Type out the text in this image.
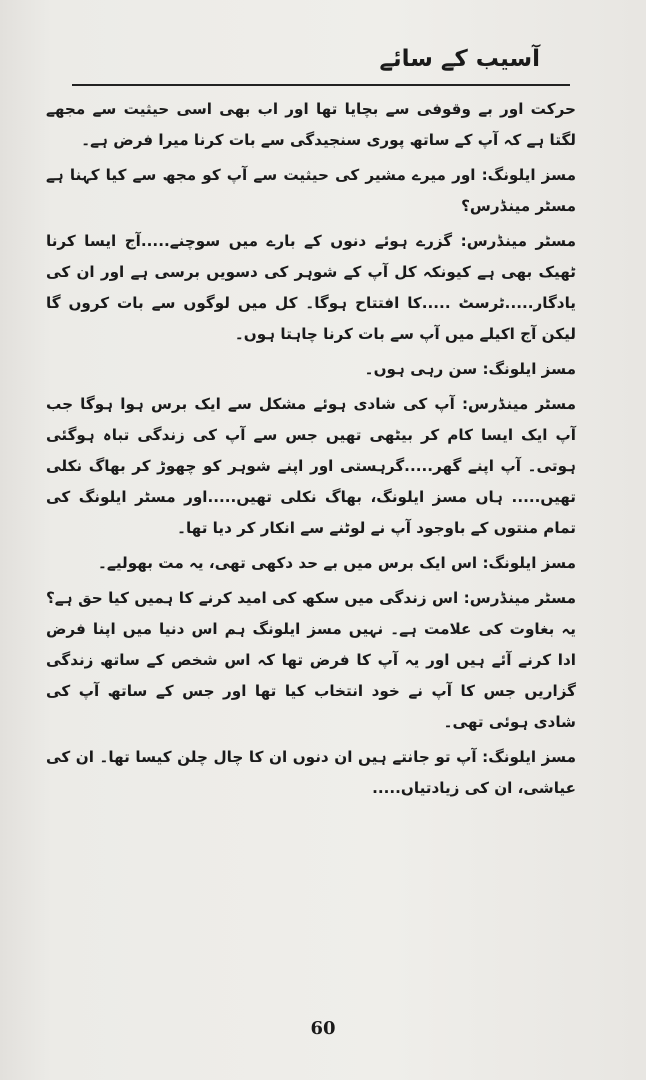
آسیب کے سائے

حرکت اور بے وقوفی سے بچایا تھا اور اب بھی اسی حیثیت سے مجھے لگتا ہے کہ آپ کے ساتھ پوری سنجیدگی سے بات کرنا میرا فرض ہے۔

مسز ایلونگ: اور میرے مشیر کی حیثیت سے آپ کو مجھ سے کیا کہنا ہے مسٹر مینڈرس؟

مسٹر مینڈرس: گزرے ہوئے دنوں کے بارے میں سوچنے.....آج ایسا کرنا ٹھیک بھی ہے کیونکہ کل آپ کے شوہر کی دسویں برسی ہے اور ان کی یادگار.....ٹرسٹ .....کا افتتاح ہوگا۔ کل میں لوگوں سے بات کروں گا لیکن آج اکیلے میں آپ سے بات کرنا چاہتا ہوں۔

مسز ایلونگ: سن رہی ہوں۔

مسٹر مینڈرس: آپ کی شادی ہوئے مشکل سے ایک برس ہوا ہوگا جب آپ ایک ایسا کام کر بیٹھی تھیں جس سے آپ کی زندگی تباہ ہوگئی ہوتی۔ آپ اپنے گھر.....گرہستی اور اپنے شوہر کو چھوڑ کر بھاگ نکلی تھیں..... ہاں مسز ایلونگ، بھاگ نکلی تھیں.....اور مسٹر ایلونگ کی تمام منتوں کے باوجود آپ نے لوٹنے سے انکار کر دیا تھا۔

مسز ایلونگ: اس ایک برس میں بے حد دکھی تھی، یہ مت بھولیے۔

مسٹر مینڈرس: اس زندگی میں سکھ کی امید کرنے کا ہمیں کیا حق ہے؟ یہ بغاوت کی علامت ہے۔ نہیں مسز ایلونگ ہم اس دنیا میں اپنا فرض ادا کرنے آئے ہیں اور یہ آپ کا فرض تھا کہ اس شخص کے ساتھ زندگی گزاریں جس کا آپ نے خود انتخاب کیا تھا اور جس کے ساتھ آپ کی شادی ہوئی تھی۔

مسز ایلونگ: آپ تو جانتے ہیں ان دنوں ان کا چال چلن کیسا تھا۔ ان کی عیاشی، ان کی زیادتیاں.....

60
